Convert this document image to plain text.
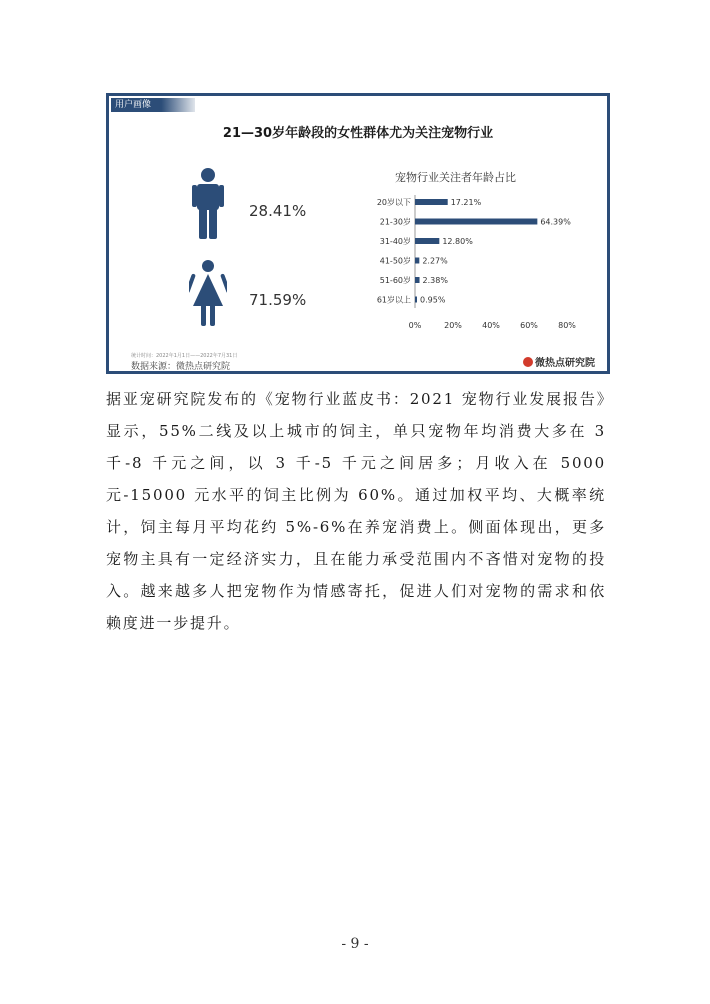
用户画像
21—30岁年龄段的女性群体尤为关注宠物行业
28.41%
71.59%
宠物行业关注者年龄占比
20岁以下	17.21%
21-30岁	64.39%
31-40岁	12.80%
41-50岁 2.27%
51-60岁 2.38%
61岁以上 0.95%
0%	20%	40%	60%	80%
统计时间：2022年1月1日——2022年7月31日
数据来源：微热点研究院	微热点研究院

据亚宠研究院发布的《宠物行业蓝皮书：2021 宠物行业发展报告》显示，55%二线及以上城市的饲主，单只宠物年均消费大多在 3 千-8 千元之间，以 3 千-5 千元之间居多；月收入在 5000 元-15000 元水平的饲主比例为 60%。通过加权平均、大概率统计，饲主每月平均花约 5%-6%在养宠消费上。侧面体现出，更多宠物主具有一定经济实力，且在能力承受范围内不吝惜对宠物的投入。越来越多人把宠物作为情感寄托，促进人们对宠物的需求和依赖度进一步提升。

- 9 -
